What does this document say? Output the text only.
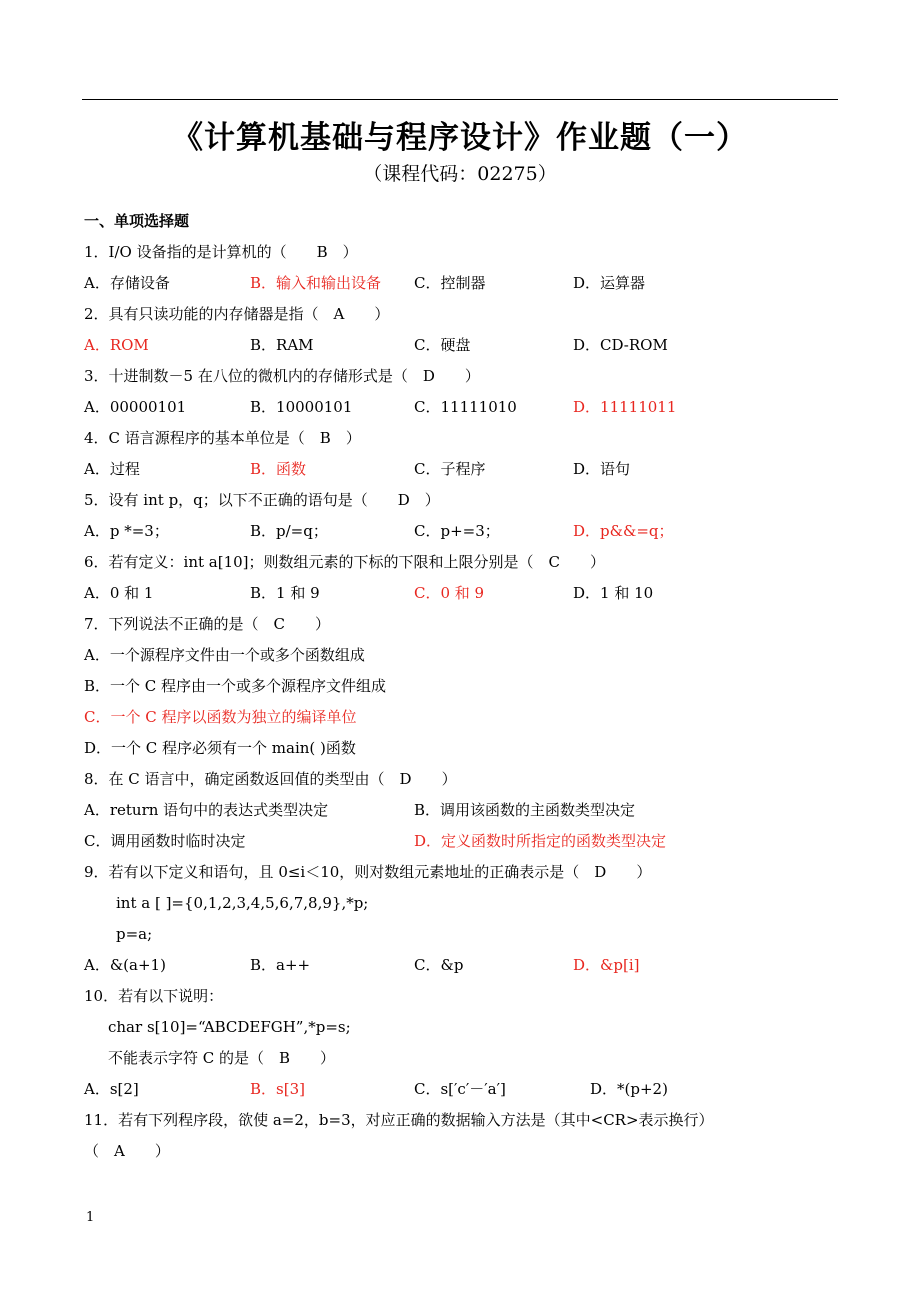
《计算机基础与程序设计》作业题（一）
（课程代码：02275）
一、单项选择题
1．I/O 设备指的是计算机的（　　B　）
A．存储设备	B．输入和输出设备 C．控制器	D．运算器
2．具有只读功能的内存储器是指（　A　　）
A．ROM	B．RAM	C．硬盘	D．CD-ROM
3．十进制数－5 在八位的微机内的存储形式是（　D　　）
A．00000101	B．10000101	C．11111010	D．11111011
4．C 语言源程序的基本单位是（　B　）
A．过程	B．函数	C．子程序	D．语句
5．设有 int p，q；以下不正确的语句是（　　D　）
A．p *=3；	B．p/=q；	C．p+=3；	D．p&&=q；
6．若有定义：int a[10]；则数组元素的下标的下限和上限分别是（　C　　）
A．0 和 1	B．1 和 9	C．0 和 9	D．1 和 10
7．下列说法不正确的是（　C　　）
A．一个源程序文件由一个或多个函数组成
B．一个 C 程序由一个或多个源程序文件组成
C．一个 C 程序以函数为独立的编译单位
D．一个 C 程序必须有一个 main( )函数
8．在 C 语言中，确定函数返回值的类型由（　D　　）
A．return 语句中的表达式类型决定	B．调用该函数的主函数类型决定
C．调用函数时临时决定	D．定义函数时所指定的函数类型决定
9．若有以下定义和语句，且 0≤i＜10，则对数组元素地址的正确表示是（　D　　）
int a [ ]={0,1,2,3,4,5,6,7,8,9},*p;
p=a;
A．&(a+1)	B．a++	C．&p	D．&p[i]
10．若有以下说明：
char s[10]=“ABCDEFGH”,*p=s;
不能表示字符 C 的是（　B　　）
A．s[2]	B．s[3]	C．s[′c′－′a′]	D．*(p+2)
11．若有下列程序段，欲使 a=2，b=3，对应正确的数据输入方法是（其中<CR>表示换行）
（　A　　）
1
